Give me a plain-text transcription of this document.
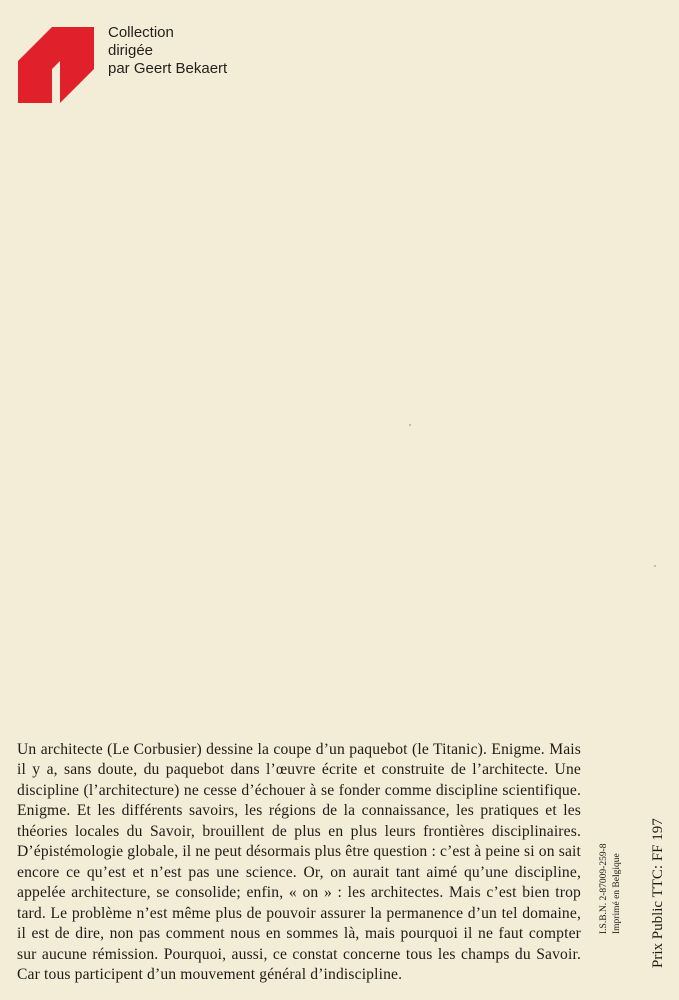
Collection
dirigée
par Geert Bekaert

Un architecte (Le Corbusier) dessine la coupe d’un paquebot (le Titanic). Enigme. Mais il y a, sans doute, du paquebot dans l’œuvre écrite et construite de l’architecte. Une discipline (l’architecture) ne cesse d’échouer à se fonder comme discipline scientifique. Enigme. Et les différents savoirs, les régions de la connaissance, les pratiques et les théories locales du Savoir, brouillent de plus en plus leurs frontières disciplinaires. D’épistémologie globale, il ne peut désormais plus être question : c’est à peine si on sait encore ce qu’est et n’est pas une science. Or, on aurait tant aimé qu’une discipline, appelée architecture, se consolide; enfin, « on » : les architectes. Mais c’est bien trop tard. Le problème n’est même plus de pouvoir assurer la permanence d’un tel domaine, il est de dire, non pas comment nous en sommes là, mais pourquoi il ne faut compter sur aucune rémission. Pourquoi, aussi, ce constat concerne tous les champs du Savoir. Car tous participent d’un mouvement général d’indiscipline.

I.S.B.N. 2-87009-259-8 Imprimé en Belgique Prix Public TTC: FF 197
